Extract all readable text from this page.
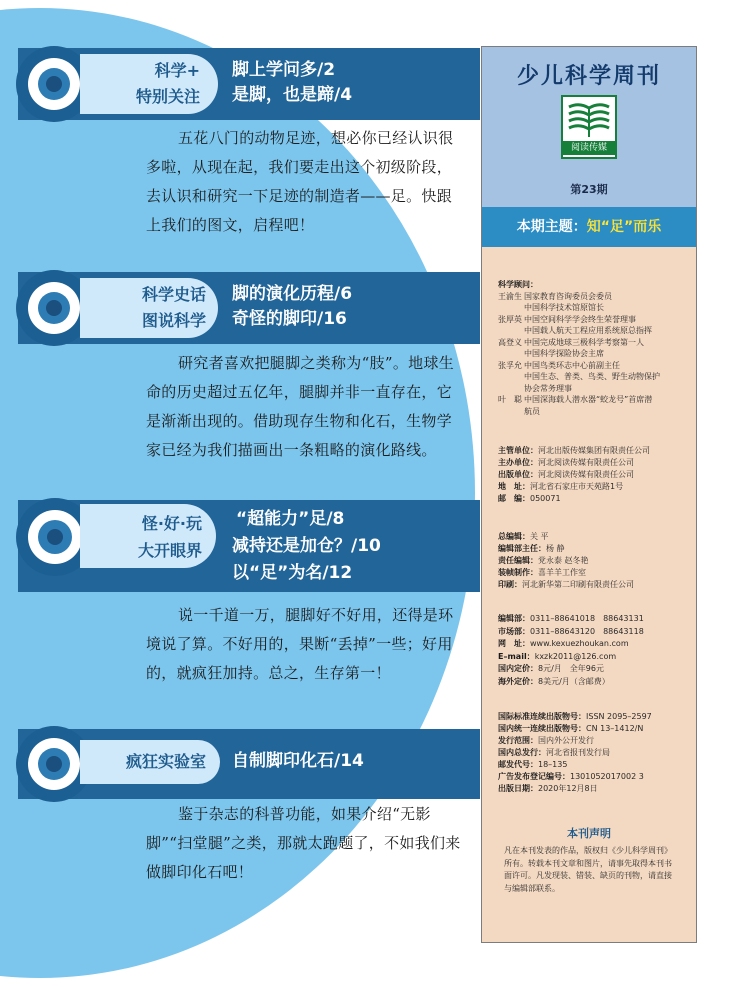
科学+
特别关注
科学史话
图说科学
怪·好·玩
大开眼界
疯狂实验室
脚上学问多/2
是脚，也是蹄/4
脚的演化历程/6
奇怪的脚印/16
“超能力”足/8
减持还是加仓？/10
以“足”为名/12
自制脚印化石/14
五花八门的动物足迹，想必你已经认识很多啦，从现在起，我们要走出这个初级阶段，去认识和研究一下足迹的制造者——足。快跟上我们的图文，启程吧！
研究者喜欢把腿脚之类称为“肢”。地球生命的历史超过五亿年，腿脚并非一直存在，它是渐渐出现的。借助现存生物和化石，生物学家已经为我们描画出一条粗略的演化路线。
说一千道一万，腿脚好不好用，还得是环境说了算。不好用的，果断“丢掉”一些；好用的，就疯狂加持。总之，生存第一！
鉴于杂志的科普功能，如果介绍“无影脚”“扫堂腿”之类，那就太跑题了，不如我们来做脚印化石吧！
少儿科学周刊
阅读传媒
第23期
本期主题：知“足”而乐
科学顾问：
王渝生 国家教育咨询委员会委员
中国科学技术馆原馆长
张厚英 中国空间科学学会终生荣誉理事
中国载人航天工程应用系统原总指挥
高登义 中国完成地球三极科学考察第一人
中国科学探险协会主席
张孚允 中国鸟类环志中心前副主任
中国生态、普类、鸟类、野生动物保护
协会常务理事
叶　聪 中国深海载人潜水器“蛟龙号”首席潜
航员
主管单位：河北出版传媒集团有限责任公司
主办单位：河北阅读传媒有限责任公司
出版单位：河北阅读传媒有限责任公司
地　址：河北省石家庄市天苑路1号
邮　编：050071
总编辑：关 平
编辑部主任：杨 静
责任编辑：党永泰 赵冬艳
装帧制作：喜羊羊工作室
印刷：河北新华第二印刷有限责任公司
编辑部：0311–88641018　88643131
市场部：0311–88643120　88643118
网　址：www.kexuezhoukan.com
E–mail：kxzk2011@126.com
国内定价：8元/月　全年96元
海外定价：8美元/月（含邮费）
国际标准连续出版物号：ISSN 2095–2597
国内统一连续出版物号：CN 13–1412/N
发行范围：国内外公开发行
国内总发行：河北省报刊发行局
邮发代号：18–135
广告发布登记编号：1301052017002 3
出版日期：2020年12月8日
本刊声明
凡在本刊发表的作品，版权归《少儿科学周刊》所有。转载本刊文章和图片，请事先取得本刊书面许可。凡发现装、错装、缺页的刊物，请直接与编辑部联系。
